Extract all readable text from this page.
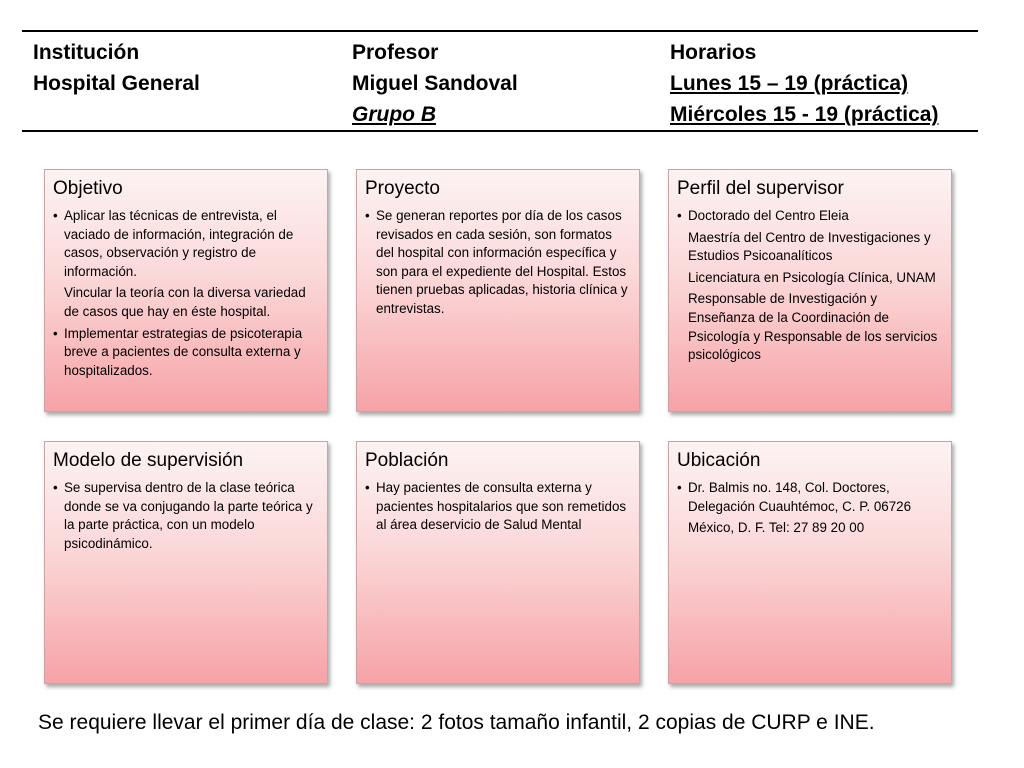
Institución
Hospital General
Profesor
Miguel Sandoval
Grupo B
Horarios
Lunes 15 – 19 (práctica)
Miércoles 15 - 19 (práctica)
Objetivo
• Aplicar las técnicas de entrevista, el vaciado de información, integración de casos, observación y registro de información.
Vincular la teoría con la diversa variedad de casos que hay en éste hospital.
• Implementar estrategias de psicoterapia breve a pacientes de consulta externa y hospitalizados.
Proyecto
• Se generan reportes por día de los casos revisados en cada sesión, son formatos del hospital con información específica y son para el expediente del Hospital. Estos tienen pruebas aplicadas, historia clínica y entrevistas.
Perfil del supervisor
• Doctorado del Centro Eleia
Maestría del Centro de Investigaciones y Estudios Psicoanalíticos
Licenciatura en Psicología Clínica, UNAM
Responsable de Investigación y Enseñanza de la Coordinación de Psicología y Responsable de los servicios psicológicos
Modelo de supervisión
• Se supervisa dentro de la clase teórica donde se va conjugando la parte teórica y la parte práctica, con un modelo psicodinámico.
Población
• Hay pacientes de consulta externa y pacientes hospitalarios que son remetidos al área deservicio de Salud Mental
Ubicación
• Dr. Balmis no. 148, Col. Doctores, Delegación Cuauhtémoc, C. P. 06726
México, D. F. Tel: 27 89 20 00
Se requiere llevar el primer día de clase: 2 fotos tamaño infantil, 2 copias de CURP e INE.
